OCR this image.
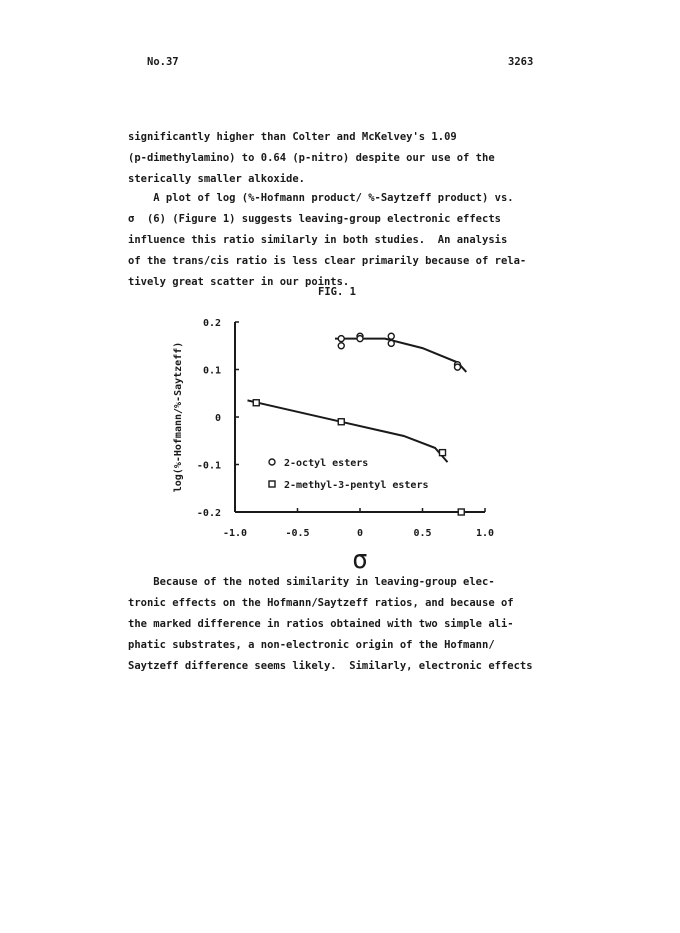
No.37	3263
significantly higher than Colter and McKelvey's 1.09
(p-dimethylamino) to 0.64 (p-nitro) despite our use of the
sterically smaller alkoxide.
A plot of log (%-Hofmann product/ %-Saytzeff product) vs.
σ  (6) (Figure 1) suggests leaving-group electronic effects
influence this ratio similarly in both studies.  An analysis
of the trans/cis ratio is less clear primarily because of rela-
tively great scatter in our points.
FIG. 1
0.2
0.1
0
-0.1
-0.2
-1.0	-0.5	0	0.5	1.0
σ
log(%-Hofmann/%-Saytzeff)	2-octyl esters
2-methyl-3-pentyl esters
Because of the noted similarity in leaving-group elec-
tronic effects on the Hofmann/Saytzeff ratios, and because of
the marked difference in ratios obtained with two simple ali-
phatic substrates, a non-electronic origin of the Hofmann/
Saytzeff difference seems likely.  Similarly, electronic effects
